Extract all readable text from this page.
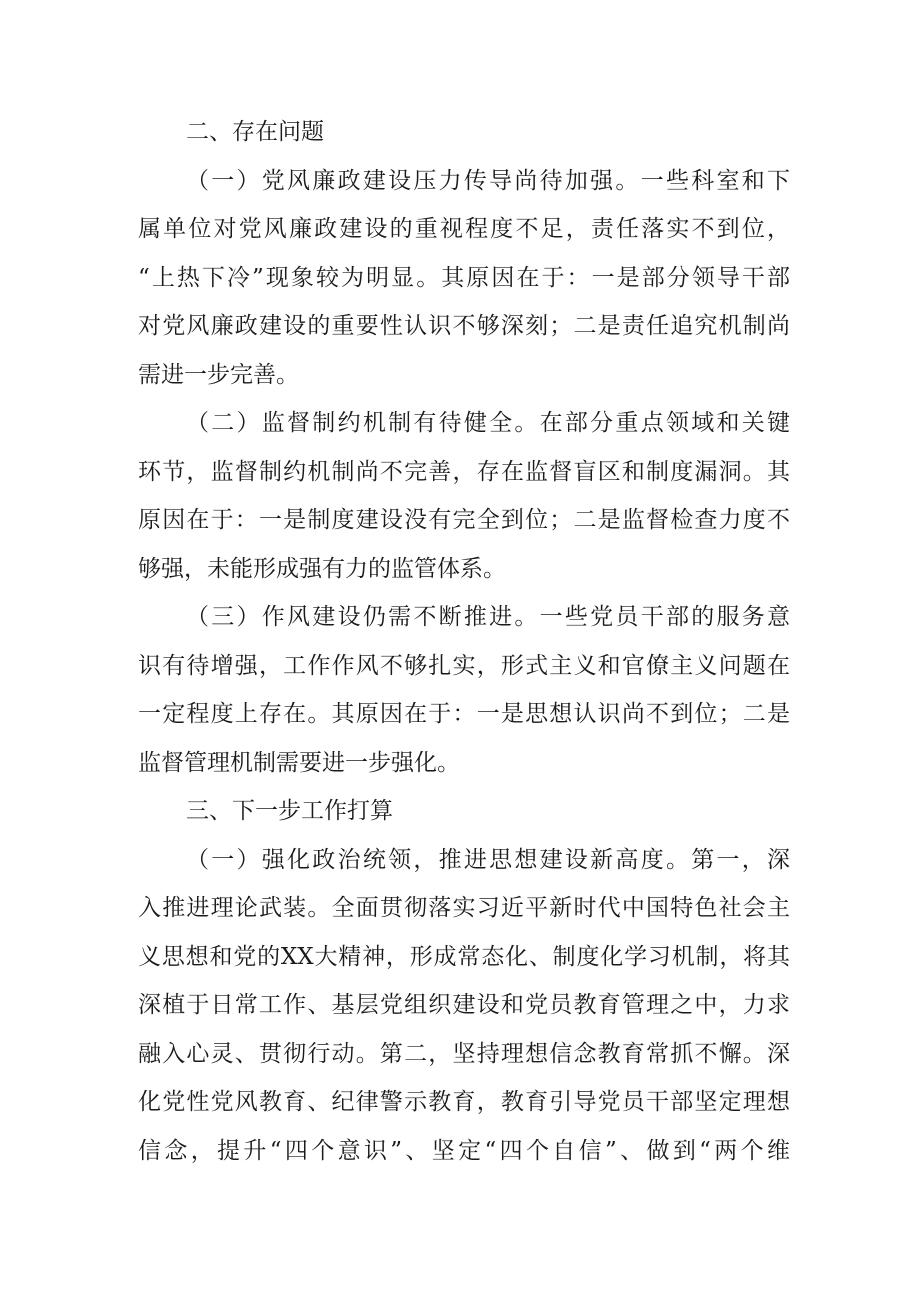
二、存在问题
（一）党风廉政建设压力传导尚待加强。一些科室和下
属单位对党风廉政建设的重视程度不足，责任落实不到位，
“上热下冷”现象较为明显。其原因在于：一是部分领导干部
对党风廉政建设的重要性认识不够深刻；二是责任追究机制尚
需进一步完善。
（二）监督制约机制有待健全。在部分重点领域和关键
环节，监督制约机制尚不完善，存在监督盲区和制度漏洞。其
原因在于：一是制度建设没有完全到位；二是监督检查力度不
够强，未能形成强有力的监管体系。
（三）作风建设仍需不断推进。一些党员干部的服务意
识有待增强，工作作风不够扎实，形式主义和官僚主义问题在
一定程度上存在。其原因在于：一是思想认识尚不到位；二是
监督管理机制需要进一步强化。
三、下一步工作打算
（一）强化政治统领，推进思想建设新高度。第一，深
入推进理论武装。全面贯彻落实习近平新时代中国特色社会主
义思想和党的XX大精神，形成常态化、制度化学习机制，将其
深植于日常工作、基层党组织建设和党员教育管理之中，力求
融入心灵、贯彻行动。第二，坚持理想信念教育常抓不懈。深
化党性党风教育、纪律警示教育，教育引导党员干部坚定理想
信念，提升“四个意识”、坚定“四个自信”、做到“两个维
